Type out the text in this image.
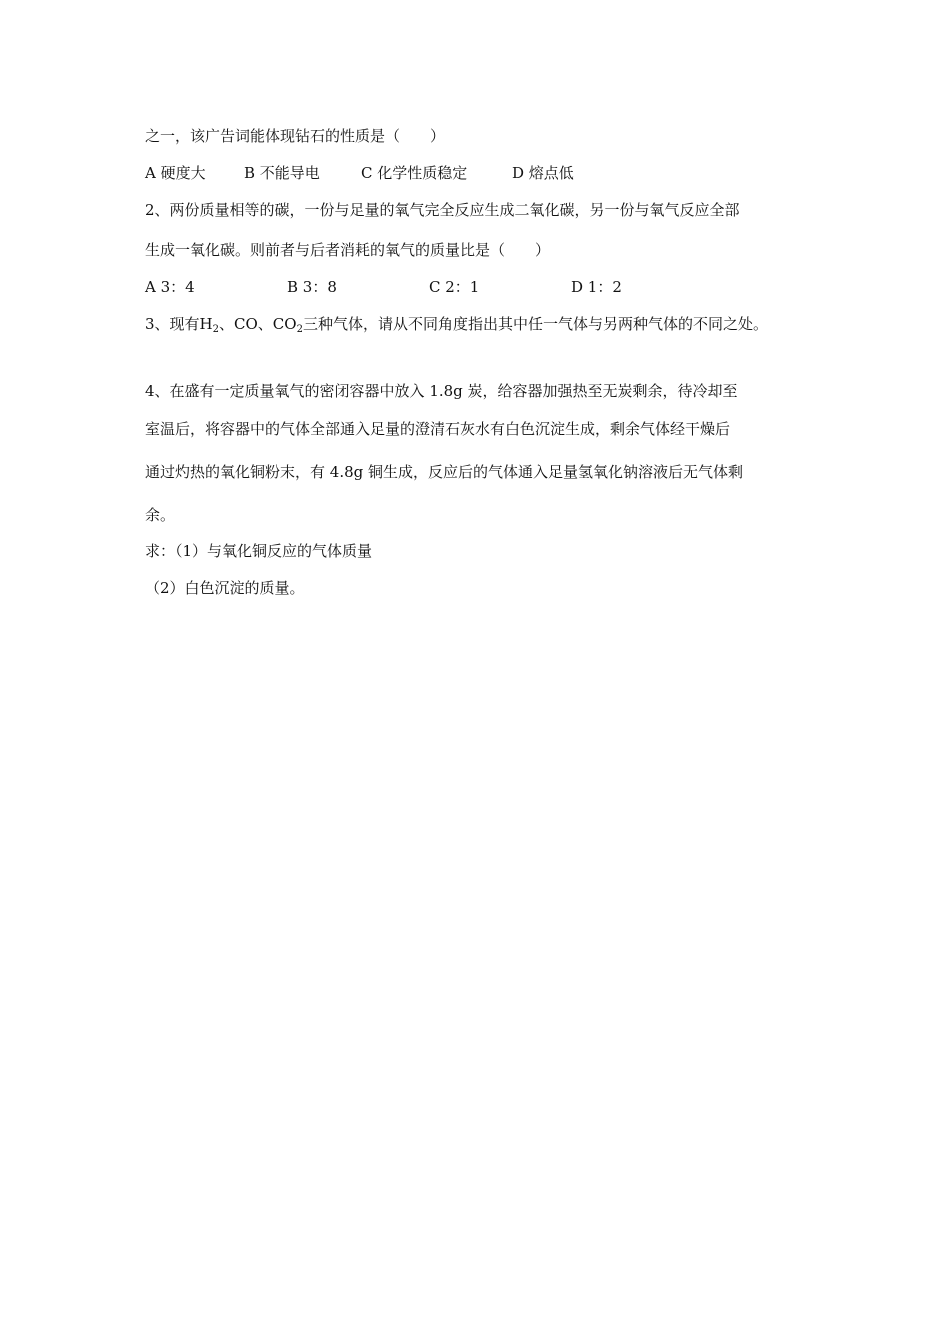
之一，该广告词能体现钻石的性质是（　　）
A 硬度大	B 不能导电	C 化学性质稳定	D 熔点低
2、两份质量相等的碳，一份与足量的氧气完全反应生成二氧化碳，另一份与氧气反应全部
生成一氧化碳。则前者与后者消耗的氧气的质量比是（　　）
A 3：4	B 3：8	C 2：1	D 1：2
3、现有$H_2$、CO、$CO_2$三种气体，请从不同角度指出其中任一气体与另两种气体的不同之处。
4、在盛有一定质量氧气的密闭容器中放入 1.8g 炭，给容器加强热至无炭剩余，待冷却至
室温后，将容器中的气体全部通入足量的澄清石灰水有白色沉淀生成，剩余气体经干燥后
通过灼热的氧化铜粉末，有 4.8g 铜生成，反应后的气体通入足量氢氧化钠溶液后无气体剩
余。
求：（1）与氧化铜反应的气体质量
（2）白色沉淀的质量。
